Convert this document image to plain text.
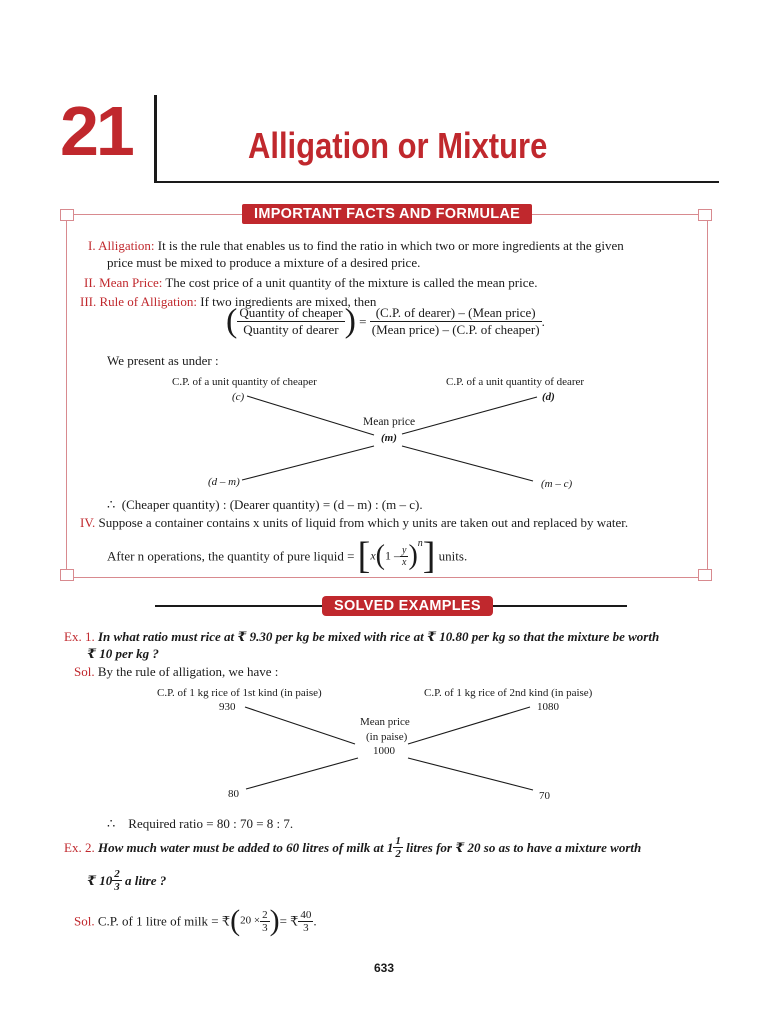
21	Alligation or Mixture
IMPORTANT FACTS AND FORMULAE
I. Alligation: It is the rule that enables us to find the ratio in which two or more ingredients at the given
price must be mixed to produce a mixture of a desired price.
II. Mean Price: The cost price of a unit quantity of the mixture is called the mean price.
III. Rule of Alligation: If two ingredients are mixed, then
( $\frac{\text{Quantity of cheaper}}{\text{Quantity of dearer}}$ ) = $\frac{\text{(C.P. of dearer) – (Mean price)}}{\text{(Mean price) – (C.P. of cheaper)}}$ .
We present as under :
C.P. of a unit quantity of cheaper
(c)
C.P. of a unit quantity of dearer
(d)
Mean price
(m)
(d – m)	(m – c)
∴ (Cheaper quantity) : (Dearer quantity) = (d – m) : (m – c).
IV. Suppose a container contains x units of liquid from which y units are taken out and replaced by water.
After n operations, the quantity of pure liquid = $[x(1 - \frac{y}{x} )^n]$ units.
SOLVED EXAMPLES
Ex. 1. In what ratio must rice at ₹ 9.30 per kg be mixed with rice at ₹ 10.80 per kg so that the mixture be worth
₹ 10 per kg ?
Sol. By the rule of alligation, we have :
C.P. of 1 kg rice of 1st kind (in paise)
930
C.P. of 1 kg rice of 2nd kind (in paise)
1080
Mean price
(in paise)
1000
80	70
∴ Required ratio = 80 : 70 = 8 : 7.
Ex. 2. How much water must be added to 60 litres of milk at $1 \frac{1}{2}$ litres for ₹ 20 so as to have a mixture worth
₹ $10 \frac{2}{3}$ a litre ?
Sol. C.P. of 1 litre of milk = ₹(20 × $\frac{2}{3}$ )= ₹ $\frac{40}{3}$ .
633
